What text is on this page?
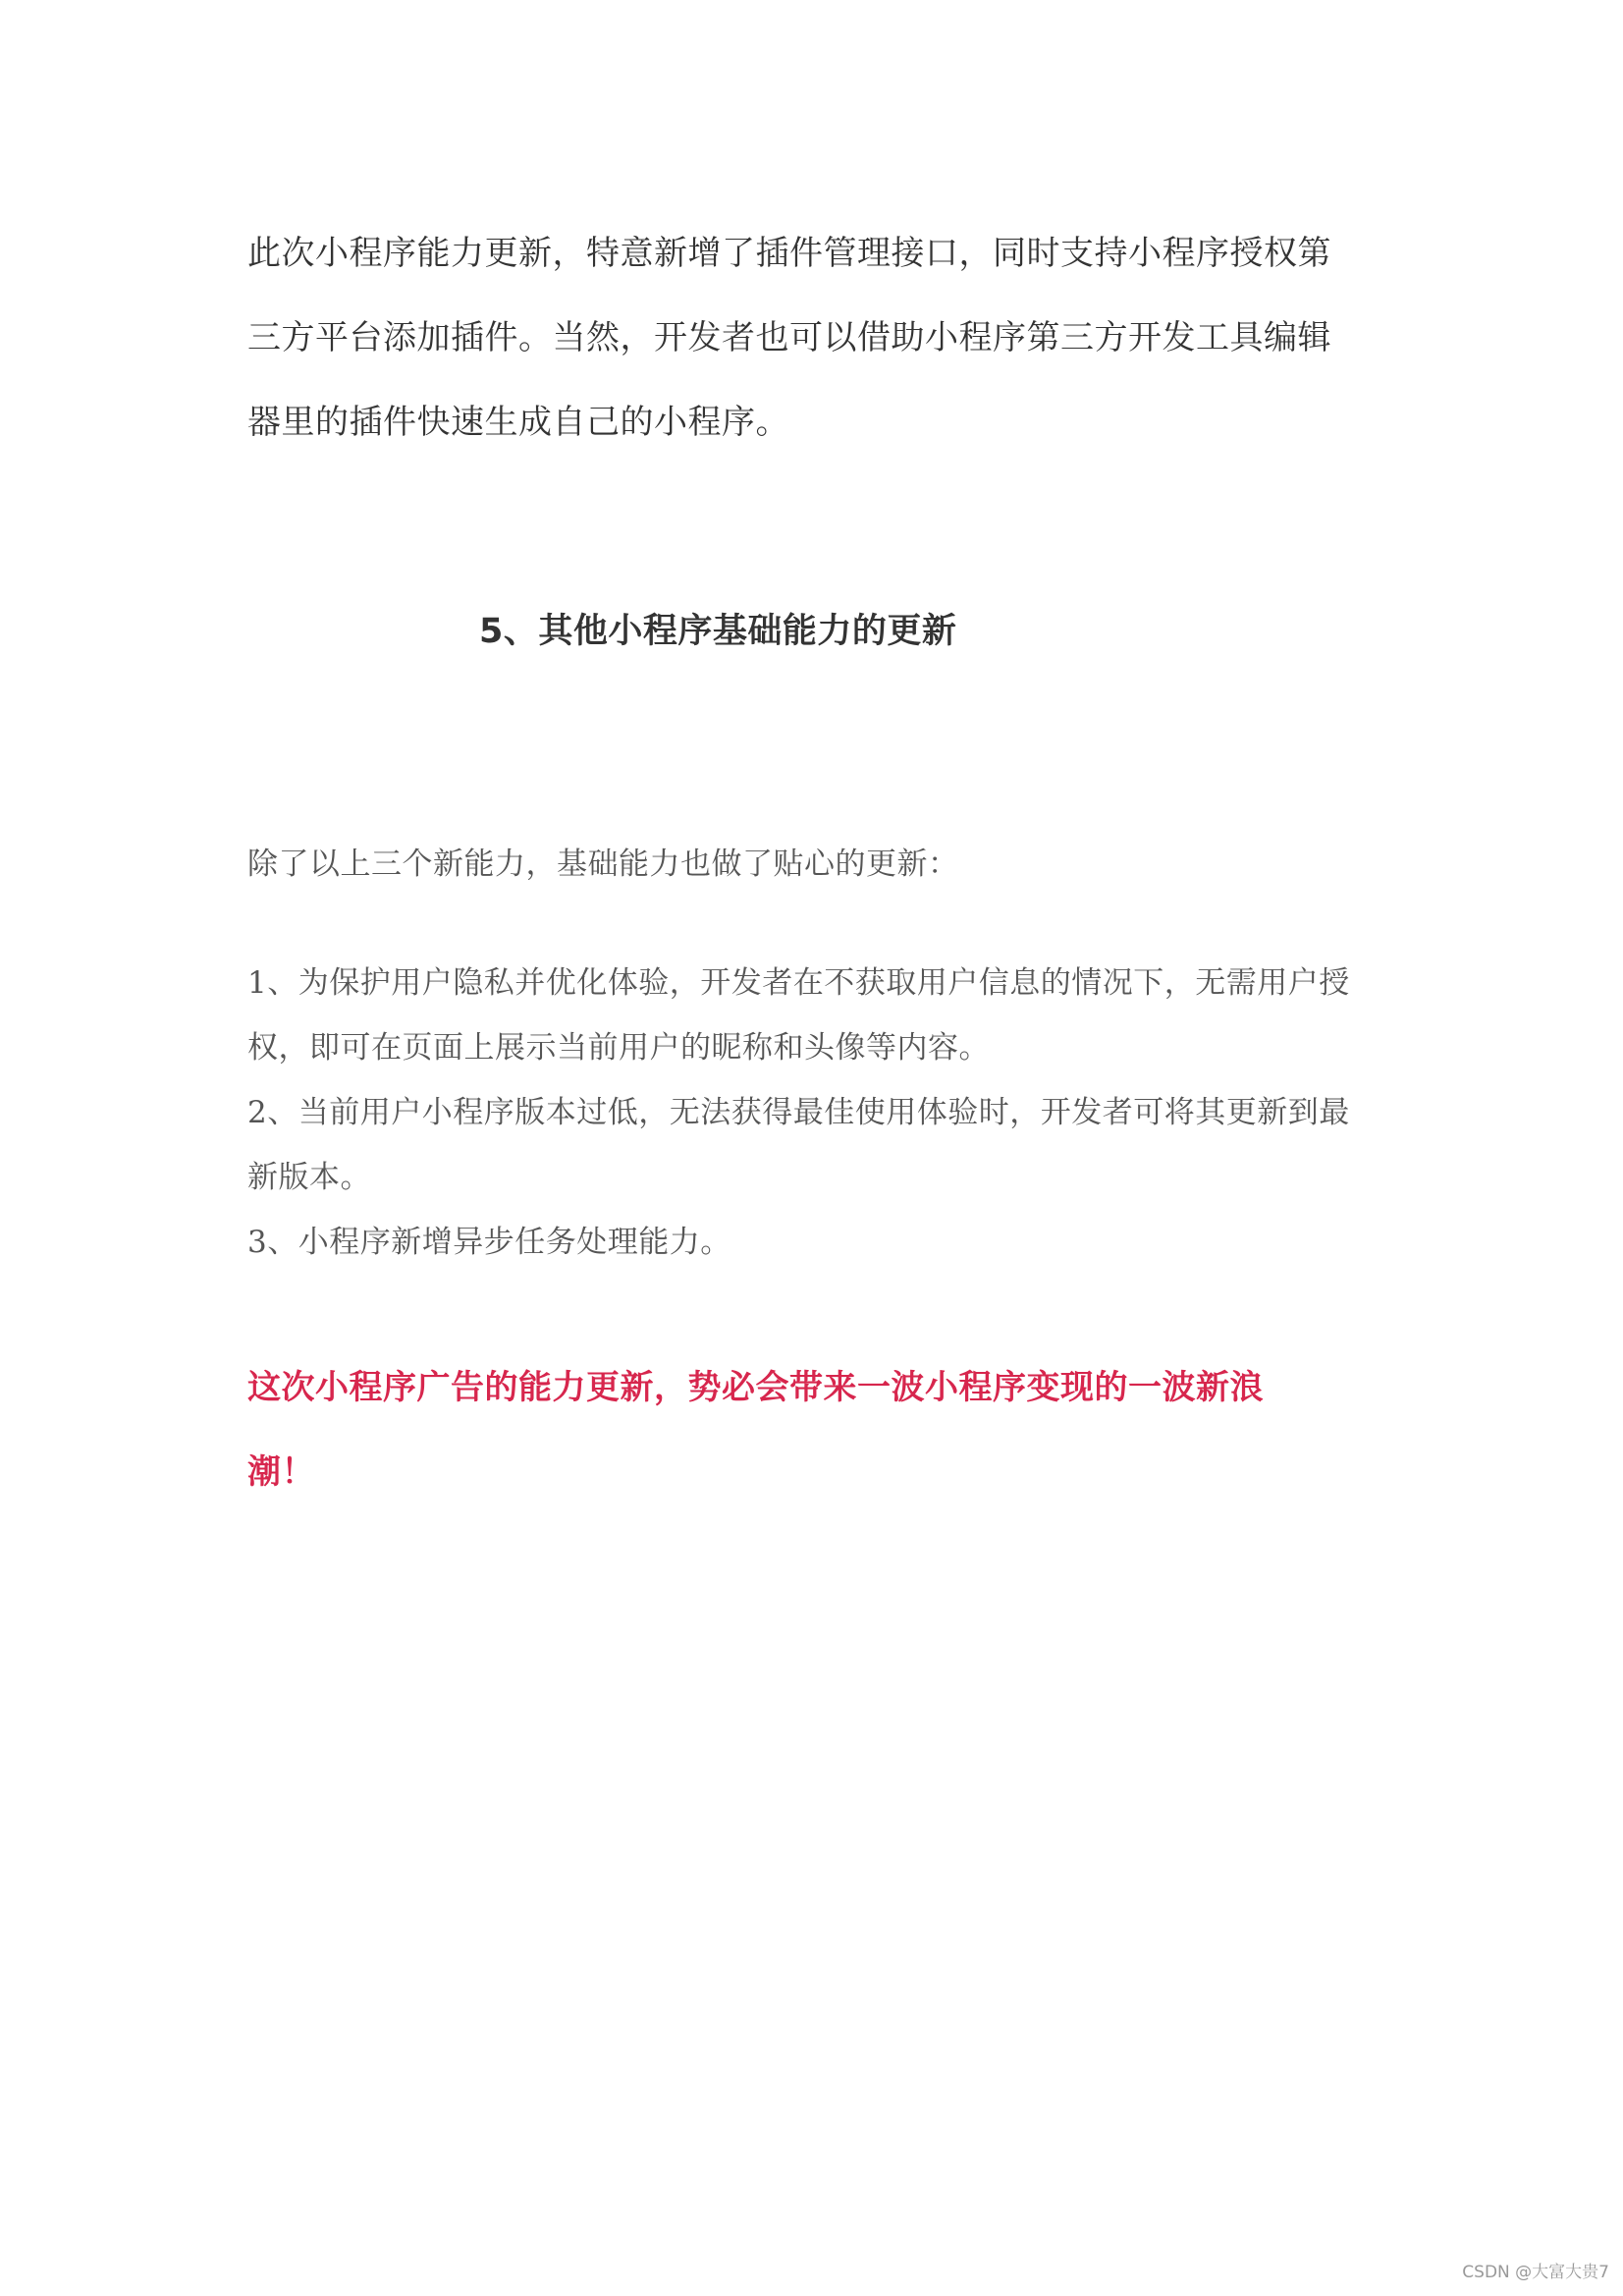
此次小程序能力更新，特意新增了插件管理接口，同时支持小程序授权第
三方平台添加插件。当然，开发者也可以借助小程序第三方开发工具编辑
器里的插件快速生成自己的小程序。
5、其他小程序基础能力的更新
除了以上三个新能力，基础能力也做了贴心的更新：
1、为保护用户隐私并优化体验，开发者在不获取用户信息的情况下，无需用户授
权，即可在页面上展示当前用户的昵称和头像等内容。
2、当前用户小程序版本过低，无法获得最佳使用体验时，开发者可将其更新到最
新版本。
3、小程序新增异步任务处理能力。
这次小程序广告的能力更新，势必会带来一波小程序变现的一波新浪
潮！
CSDN @大富大贵7
